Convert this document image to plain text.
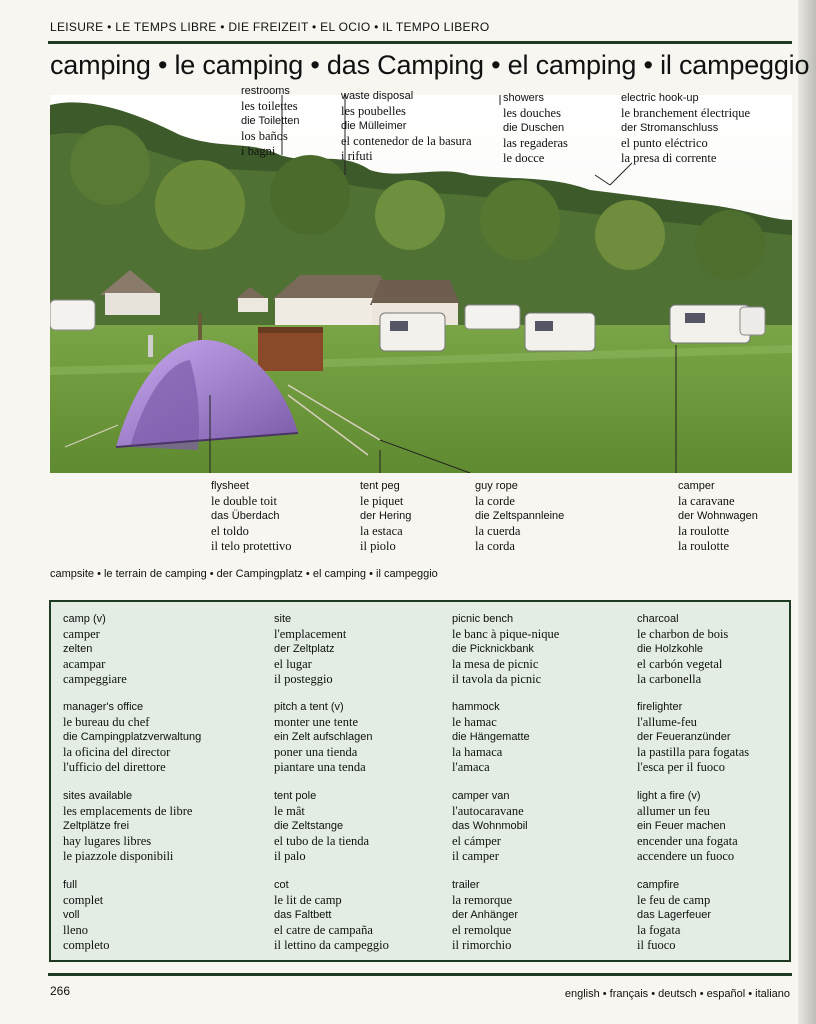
LEISURE • LE TEMPS LIBRE • DIE FREIZEIT • EL OCIO • IL TEMPO LIBERO
camping • le camping • das Camping • el camping • il campeggio
restrooms
les toilettes
die Toiletten
los baños
i bagni
waste disposal
les poubelles
die Mülleimer
el contenedor de la basura
i rifuti
showers
les douches
die Duschen
las regaderas
le docce
electric hook-up
le branchement électrique
der Stromanschluss
el punto eléctrico
la presa di corrente
flysheet
le double toit
das Überdach
el toldo
il telo protettivo
tent peg
le piquet
der Hering
la estaca
il piolo
guy rope
la corde
die Zeltspannleine
la cuerda
la corda
camper
la caravane
der Wohnwagen
la roulotte
la roulotte
campsite • le terrain de camping • der Campingplatz • el camping • il campeggio
camp (v)
camper
zelten
acampar
campeggiare
site
l'emplacement
der Zeltplatz
el lugar
il posteggio
picnic bench
le banc à pique-nique
die Picknickbank
la mesa de picnic
il tavola da picnic
charcoal
le charbon de bois
die Holzkohle
el carbón vegetal
la carbonella
manager's office
le bureau du chef
die Campingplatzverwaltung
la oficina del director
l'ufficio del direttore
pitch a tent (v)
monter une tente
ein Zelt aufschlagen
poner una tienda
piantare una tenda
hammock
le hamac
die Hängematte
la hamaca
l'amaca
firelighter
l'allume-feu
der Feueranzünder
la pastilla para fogatas
l'esca per il fuoco
sites available
les emplacements de libre
Zeltplätze frei
hay lugares libres
le piazzole disponibili
tent pole
le mât
die Zeltstange
el tubo de la tienda
il palo
camper van
l'autocaravane
das Wohnmobil
el cámper
il camper
light a fire (v)
allumer un feu
ein Feuer machen
encender una fogata
accendere un fuoco
full
complet
voll
lleno
completo
cot
le lit de camp
das Faltbett
el catre de campaña
il lettino da campeggio
trailer
la remorque
der Anhänger
el remolque
il rimorchio
campfire
le feu de camp
das Lagerfeuer
la fogata
il fuoco
266	english • français • deutsch • español • italiano
